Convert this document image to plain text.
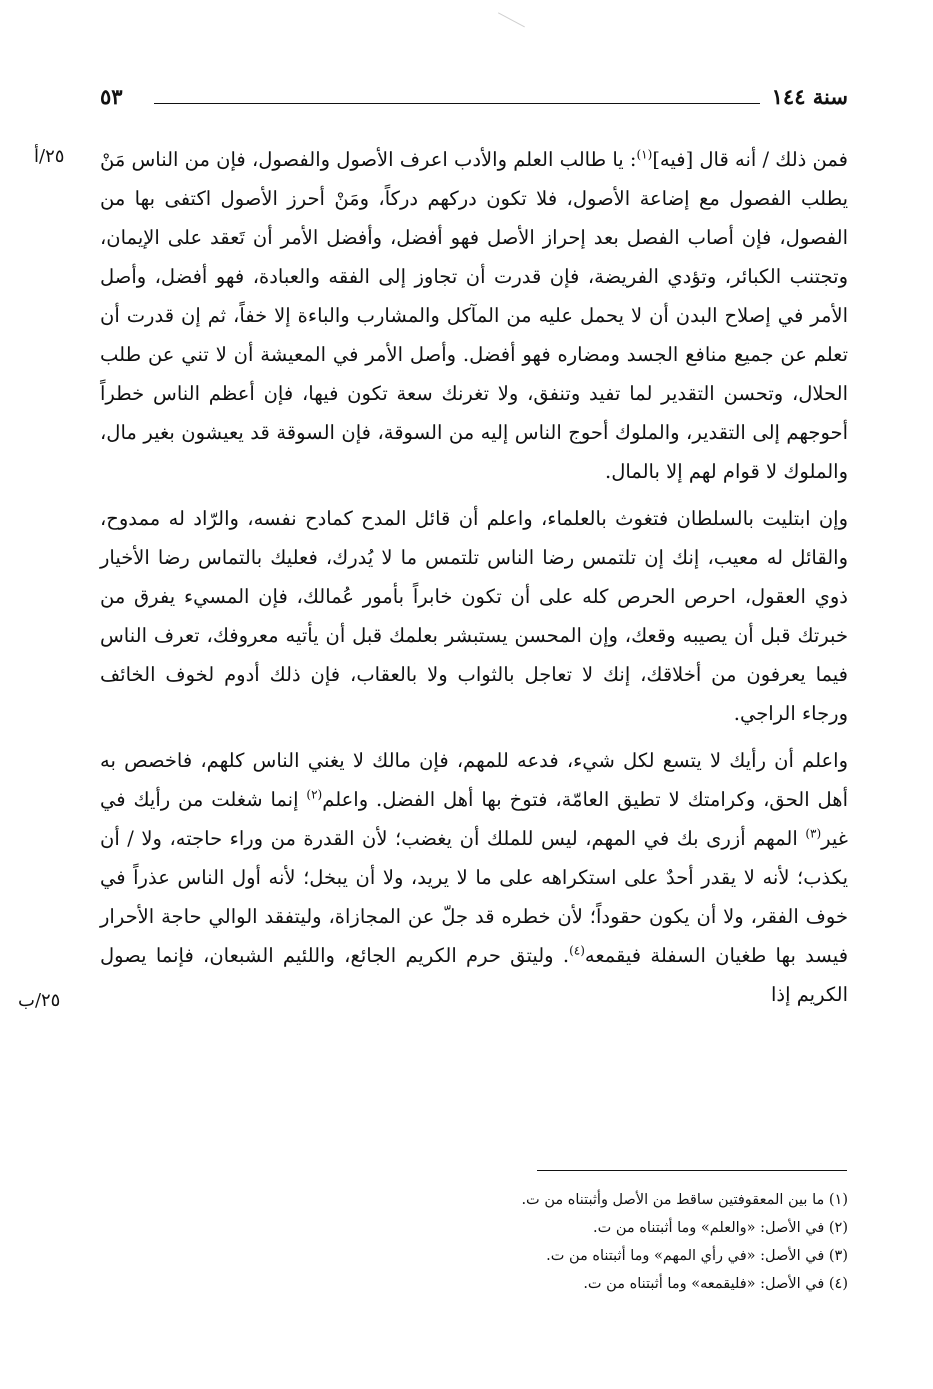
سنة ١٤٤
٥٣
٢٥/أ
٢٥/ب

فمن ذلك / أنه قال [فيه]$^{(١)}$: يا طالب العلم والأدب اعرف الأصول والفصول، فإن من الناس مَنْ يطلب الفصول مع إضاعة الأصول، فلا تكون دركهم دركاً، ومَنْ أحرز الأصول اكتفى بها من الفصول، فإن أصاب الفصل بعد إحراز الأصل فهو أفضل، وأفضل الأمر أن تَعقد على الإيمان، وتجتنب الكبائر، وتؤدي الفريضة، فإن قدرت أن تجاوز إلى الفقه والعبادة، فهو أفضل، وأصل الأمر في إصلاح البدن أن لا يحمل عليه من المآكل والمشارب والباءة إلا خفاً، ثم إن قدرت أن تعلم عن جميع منافع الجسد ومضاره فهو أفضل. وأصل الأمر في المعيشة أن لا تني عن طلب الحلال، وتحسن التقدير لما تفيد وتنفق، ولا تغرنك سعة تكون فيها، فإن أعظم الناس خطراً أحوجهم إلى التقدير، والملوك أحوج الناس إليه من السوقة، فإن السوقة قد يعيشون بغير مال، والملوك لا قوام لهم إلا بالمال.

وإن ابتليت بالسلطان فتغوث بالعلماء، واعلم أن قائل المدح كمادح نفسه، والرّاد له ممدوح، والقائل له معيب، إنك إن تلتمس رضا الناس تلتمس ما لا يُدرك، فعليك بالتماس رضا الأخيار ذوي العقول، احرص الحرص كله على أن تكون خابراً بأمور عُمالك، فإن المسيء يفرق من خبرتك قبل أن يصيبه وقعك، وإن المحسن يستبشر بعلمك قبل أن يأتيه معروفك، تعرف الناس فيما يعرفون من أخلاقك، إنك لا تعاجل بالثواب ولا بالعقاب، فإن ذلك أدوم لخوف الخائف ورجاء الراجي.

واعلم أن رأيك لا يتسع لكل شيء، فدعه للمهم، فإن مالك لا يغني الناس كلهم، فاخصص به أهل الحق، وكرامتك لا تطيق العامّة، فتوخ بها أهل الفضل. واعلم$^{(٢)}$ إنما شغلت من رأيك في غير$^{(٣)}$ المهم أزرى بك في المهم، ليس للملك أن يغضب؛ لأن القدرة من وراء حاجته، ولا / أن يكذب؛ لأنه لا يقدر أحدٌ على استكراهه على ما لا يريد، ولا أن يبخل؛ لأنه أول الناس عذراً في خوف الفقر، ولا أن يكون حقوداً؛ لأن خطره قد جلّ عن المجازاة، وليتفقد الوالي حاجة الأحرار فيسد بها طغيان السفلة فيقمعه$^{(٤)}$. وليتق حرم الكريم الجائع، واللئيم الشبعان، فإنما يصول الكريم إذا

(١) ما بين المعقوفتين ساقط من الأصل وأثبتناه من ت.
(٢) في الأصل: «والعلم» وما أثبتناه من ت.
(٣) في الأصل: «في رأي المهم» وما أثبتناه من ت.
(٤) في الأصل: «فليقمعه» وما أثبتناه من ت.
